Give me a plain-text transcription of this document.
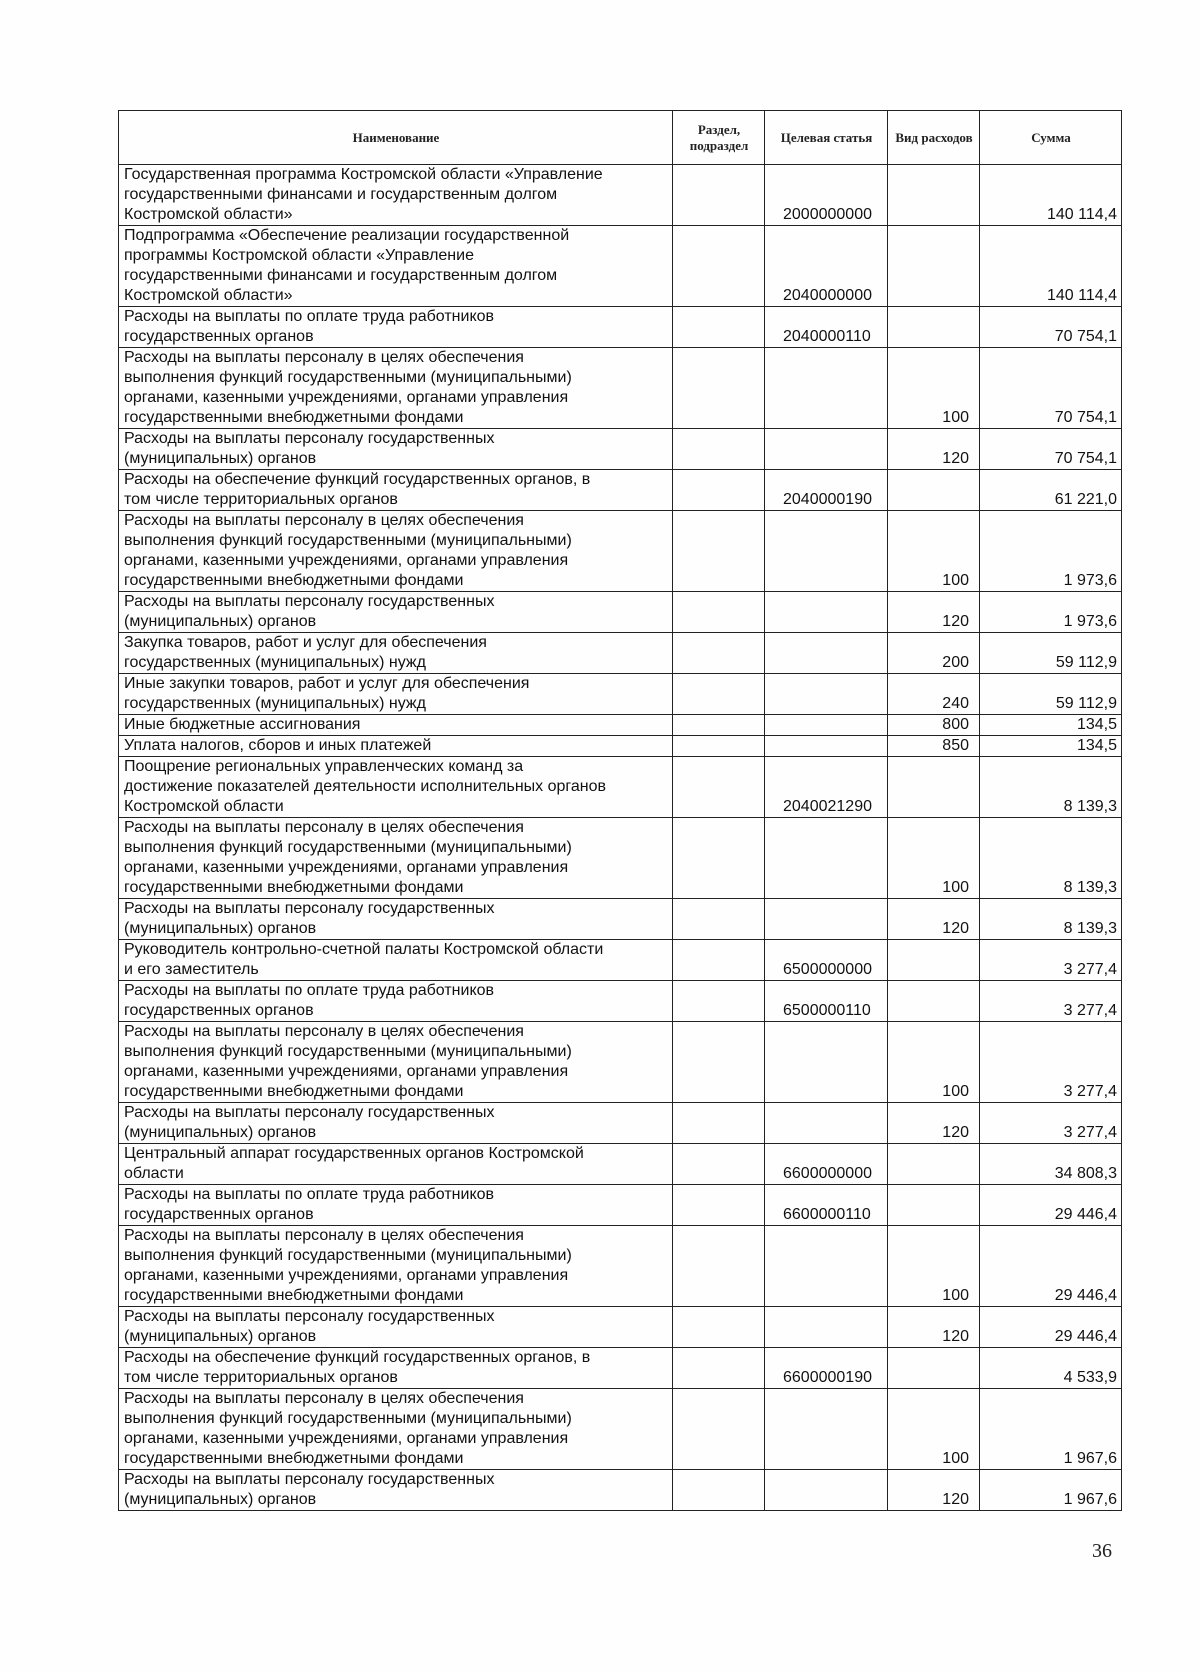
Наименование	Раздел, подраздел	Целевая статья	Вид расходов	Сумма
Государственная программа Костромской области «Управление
государственными финансами и государственным долгом
Костромской области»		2000000000		140 114,4
Подпрограмма «Обеспечение реализации государственной
программы Костромской области «Управление
государственными финансами и государственным долгом
Костромской области»		2040000000		140 114,4
Расходы на выплаты по оплате труда работников
государственных органов		2040000110		70 754,1
Расходы на выплаты персоналу в целях обеспечения
выполнения функций государственными (муниципальными)
органами, казенными учреждениями, органами управления
государственными внебюджетными фондами			100	70 754,1
Расходы на выплаты персоналу государственных
(муниципальных) органов			120	70 754,1
Расходы на обеспечение функций государственных органов, в
том числе территориальных органов		2040000190		61 221,0
Расходы на выплаты персоналу в целях обеспечения
выполнения функций государственными (муниципальными)
органами, казенными учреждениями, органами управления
государственными внебюджетными фондами			100	1 973,6
Расходы на выплаты персоналу государственных
(муниципальных) органов			120	1 973,6
Закупка товаров, работ и услуг для обеспечения
государственных (муниципальных) нужд			200	59 112,9
Иные закупки товаров, работ и услуг для обеспечения
государственных (муниципальных) нужд			240	59 112,9
Иные бюджетные ассигнования			800	134,5
Уплата налогов, сборов и иных платежей			850	134,5
Поощрение региональных управленческих команд за
достижение показателей деятельности исполнительных органов
Костромской области		2040021290		8 139,3
Расходы на выплаты персоналу в целях обеспечения
выполнения функций государственными (муниципальными)
органами, казенными учреждениями, органами управления
государственными внебюджетными фондами			100	8 139,3
Расходы на выплаты персоналу государственных
(муниципальных) органов			120	8 139,3
Руководитель контрольно-счетной палаты Костромской области
и его заместитель		6500000000		3 277,4
Расходы на выплаты по оплате труда работников
государственных органов		6500000110		3 277,4
Расходы на выплаты персоналу в целях обеспечения
выполнения функций государственными (муниципальными)
органами, казенными учреждениями, органами управления
государственными внебюджетными фондами			100	3 277,4
Расходы на выплаты персоналу государственных
(муниципальных) органов			120	3 277,4
Центральный аппарат государственных органов Костромской
области		6600000000		34 808,3
Расходы на выплаты по оплате труда работников
государственных органов		6600000110		29 446,4
Расходы на выплаты персоналу в целях обеспечения
выполнения функций государственными (муниципальными)
органами, казенными учреждениями, органами управления
государственными внебюджетными фондами			100	29 446,4
Расходы на выплаты персоналу государственных
(муниципальных) органов			120	29 446,4
Расходы на обеспечение функций государственных органов, в
том числе территориальных органов		6600000190		4 533,9
Расходы на выплаты персоналу в целях обеспечения
выполнения функций государственными (муниципальными)
органами, казенными учреждениями, органами управления
государственными внебюджетными фондами			100	1 967,6
Расходы на выплаты персоналу государственных
(муниципальных) органов			120	1 967,6
36
